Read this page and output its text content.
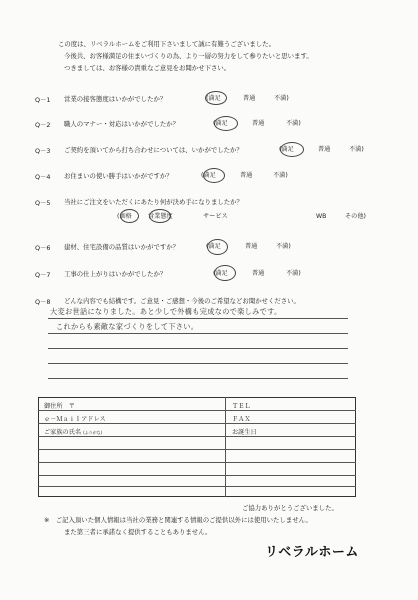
この度は、リベラルホームをご利用下さいまして誠に有難うございました。
今後共、お客様満足の住まいづくりの為、より一層の努力をして参りたいと思います。
つきましては、お客様の貴重なご意見をお聞かせ下さい。
Q－1 営業の接客態度はいかがでしたか？	(満足	普通	不満)
Q－2 職人のマナー・対応はいかがでしたか？	(満足	普通	不満)
Q－3 ご契約を頂いてから打ち合わせについては、いかがでしたか？	(満足	普通	不満)
Q－4 お住まいの使い勝手はいかがですか？	(満足	普通	不満)
Q－5 当社にご注文をいただくにあたり何が決め手になりましたか？
(価格	営業態度	サービス	WB	その他)
Q－6 建材、住宅設備の品質はいかがですか？	(満足	普通	不満)
Q－7 工事の仕上がりはいかがでしたか？	(満足	普通	不満)
Q－8 どんな内容でも結構です。ご意見・ご感想・今後のご希望などお聞かせください。
大変お世話になりました。あと少しで外構も完成なので楽しみです。
これからも素敵な家づくりをして下さい。
御住所　〒	ＴＥＬ
ｅ－Ｍａｉｌアドレス	ＦＡＸ
ご家族の氏名 (ふりがな)	お誕生日
ご協力ありがとうございました。
※　ご記入頂いた個人情報は当社の業務と関連する情報のご提供以外には使用いたしません。
また第三者に承諾なく提供することもありません。
リベラルホーム
